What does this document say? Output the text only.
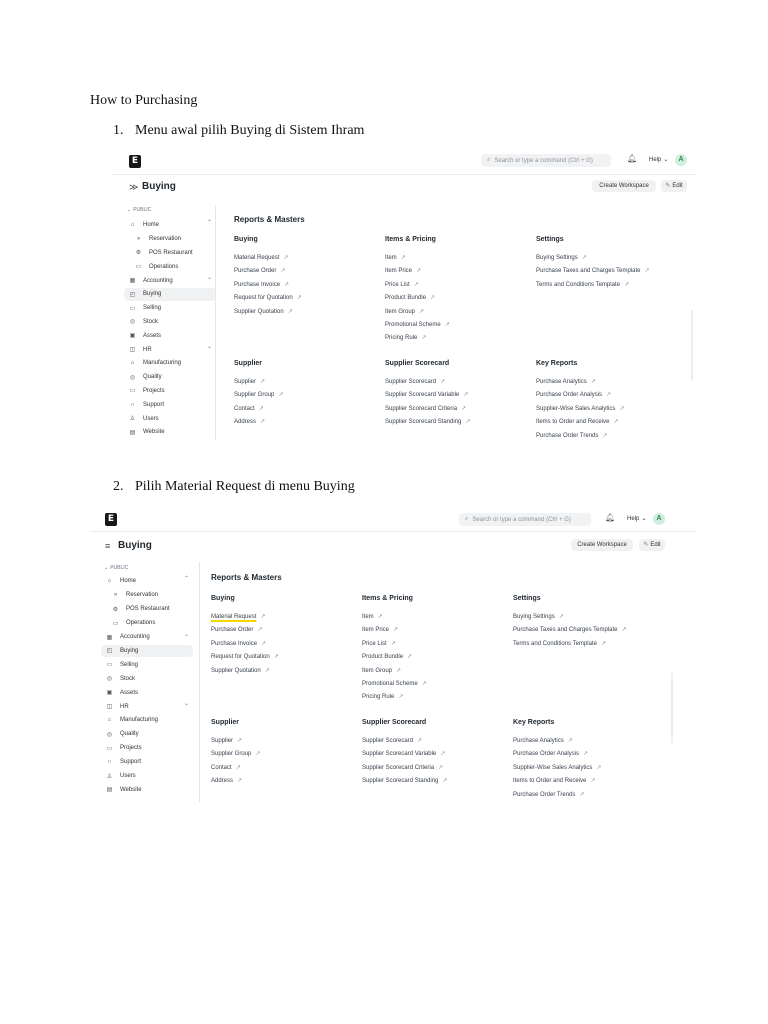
How to Purchasing
1. Menu awal pilih Buying di Sistem Ihram
2. Pilih Material Request di menu Buying
E	⌕ Search or type a command (Ctrl + G)	🔔︎ Help ⌄	A
≫ Buying	Create Workspace	✎ Edit
⌄ PUBLIC
⌂	Home	⌃
»	Reservation
⚙	POS Restaurant
▭	Operations
▦	Accounting	⌄
◰	Buying
▭	Selling
◎	Stock
▣	Assets
◫	HR	⌄
⌂	Manufacturing
◎	Quality
▭	Projects
∩	Support
♙	Users
▤	Website
Reports & Masters
Buying
Material Request ↗
Purchase Order ↗
Purchase Invoice ↗
Request for Quotation ↗
Supplier Quotation ↗
Items & Pricing
Item ↗
Item Price ↗
Price List ↗
Product Bundle ↗
Item Group ↗
Promotional Scheme ↗
Pricing Rule ↗
Settings
Buying Settings ↗
Purchase Taxes and Charges Template ↗
Terms and Conditions Template ↗
Supplier
Supplier ↗
Supplier Group ↗
Contact ↗
Address ↗
Supplier Scorecard
Supplier Scorecard ↗
Supplier Scorecard Variable ↗
Supplier Scorecard Criteria ↗
Supplier Scorecard Standing ↗
Key Reports
Purchase Analytics ↗
Purchase Order Analysis ↗
Supplier-Wise Sales Analytics ↗
Items to Order and Receive ↗
Purchase Order Trends ↗
E	⌕ Search or type a command (Ctrl + G)	🔔︎ Help ⌄	A
≡ Buying	Create Workspace	✎ Edit
⌄ PUBLIC
⌂	Home	⌃
»	Reservation
⚙	POS Restaurant
▭	Operations
▦	Accounting	⌄
◰	Buying
▭	Selling
◎	Stock
▣	Assets
◫	HR	⌄
⌂	Manufacturing
◎	Quality
▭	Projects
∩	Support
♙	Users
▤	Website
Reports & Masters
Buying
Material Request ↗
Purchase Order ↗
Purchase Invoice ↗
Request for Quotation ↗
Supplier Quotation ↗
Items & Pricing
Item ↗
Item Price ↗
Price List ↗
Product Bundle ↗
Item Group ↗
Promotional Scheme ↗
Pricing Rule ↗
Settings
Buying Settings ↗
Purchase Taxes and Charges Template ↗
Terms and Conditions Template ↗
Supplier
Supplier ↗
Supplier Group ↗
Contact ↗
Address ↗
Supplier Scorecard
Supplier Scorecard ↗
Supplier Scorecard Variable ↗
Supplier Scorecard Criteria ↗
Supplier Scorecard Standing ↗
Key Reports
Purchase Analytics ↗
Purchase Order Analysis ↗
Supplier-Wise Sales Analytics ↗
Items to Order and Receive ↗
Purchase Order Trends ↗
